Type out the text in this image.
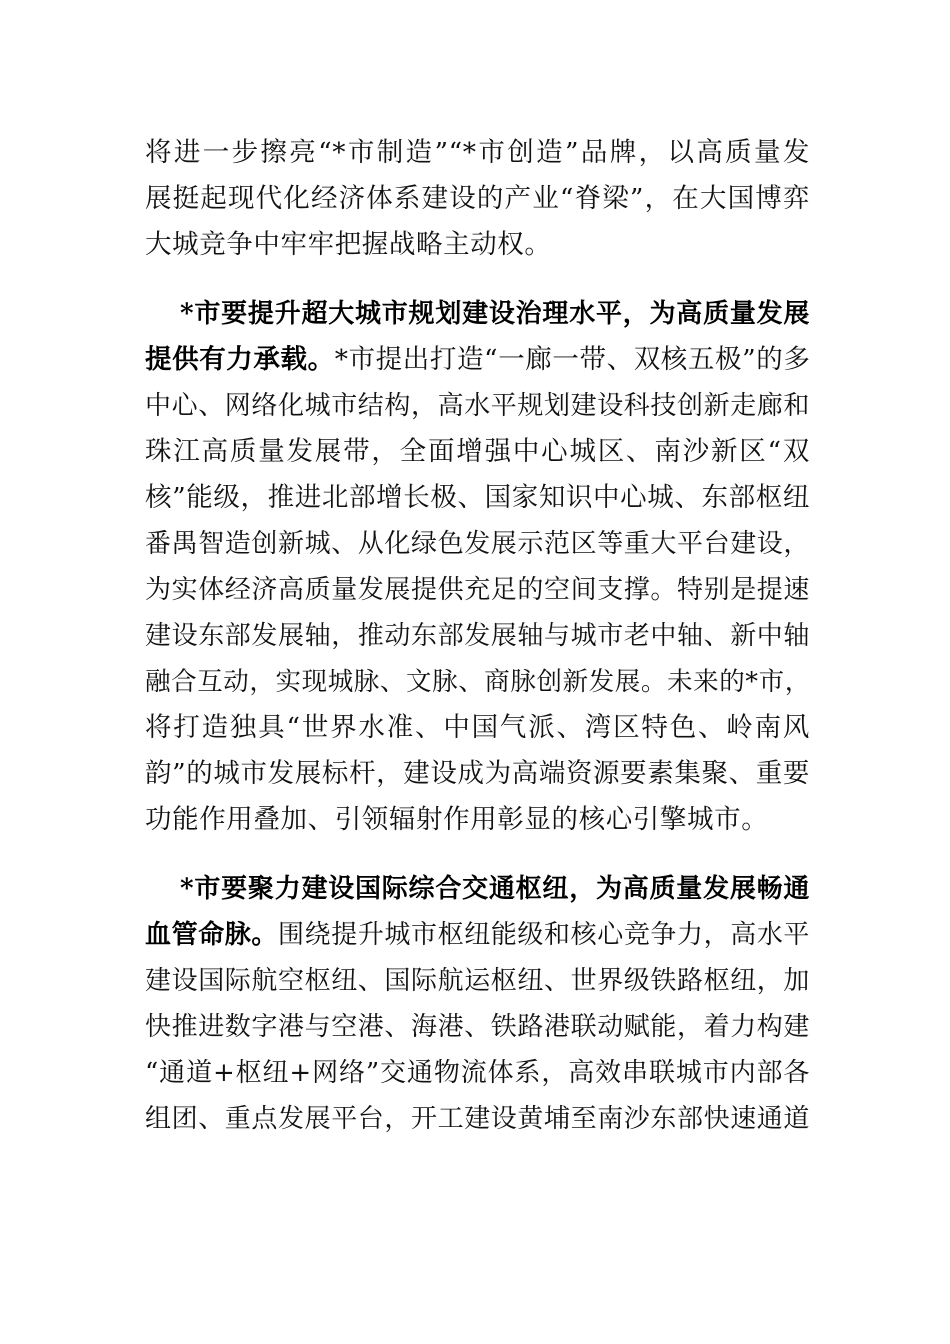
将进一步擦亮“*市制造”“*市创造”品牌，以高质量发
展挺起现代化经济体系建设的产业“脊梁”，在大国博弈
大城竞争中牢牢把握战略主动权。
*市要提升超大城市规划建设治理水平，为高质量发展
提供有力承载。*市提出打造“一廊一带、双核五极”的多
中心、网络化城市结构，高水平规划建设科技创新走廊和
珠江高质量发展带，全面增强中心城区、南沙新区“双
核”能级，推进北部增长极、国家知识中心城、东部枢纽
番禺智造创新城、从化绿色发展示范区等重大平台建设，
为实体经济高质量发展提供充足的空间支撑。特别是提速
建设东部发展轴，推动东部发展轴与城市老中轴、新中轴
融合互动，实现城脉、文脉、商脉创新发展。未来的*市，
将打造独具“世界水准、中国气派、湾区特色、岭南风
韵”的城市发展标杆，建设成为高端资源要素集聚、重要
功能作用叠加、引领辐射作用彰显的核心引擎城市。
*市要聚力建设国际综合交通枢纽，为高质量发展畅通
血管命脉。围绕提升城市枢纽能级和核心竞争力，高水平
建设国际航空枢纽、国际航运枢纽、世界级铁路枢纽，加
快推进数字港与空港、海港、铁路港联动赋能，着力构建
“通道+枢纽+网络”交通物流体系，高效串联城市内部各
组团、重点发展平台，开工建设黄埔至南沙东部快速通道
